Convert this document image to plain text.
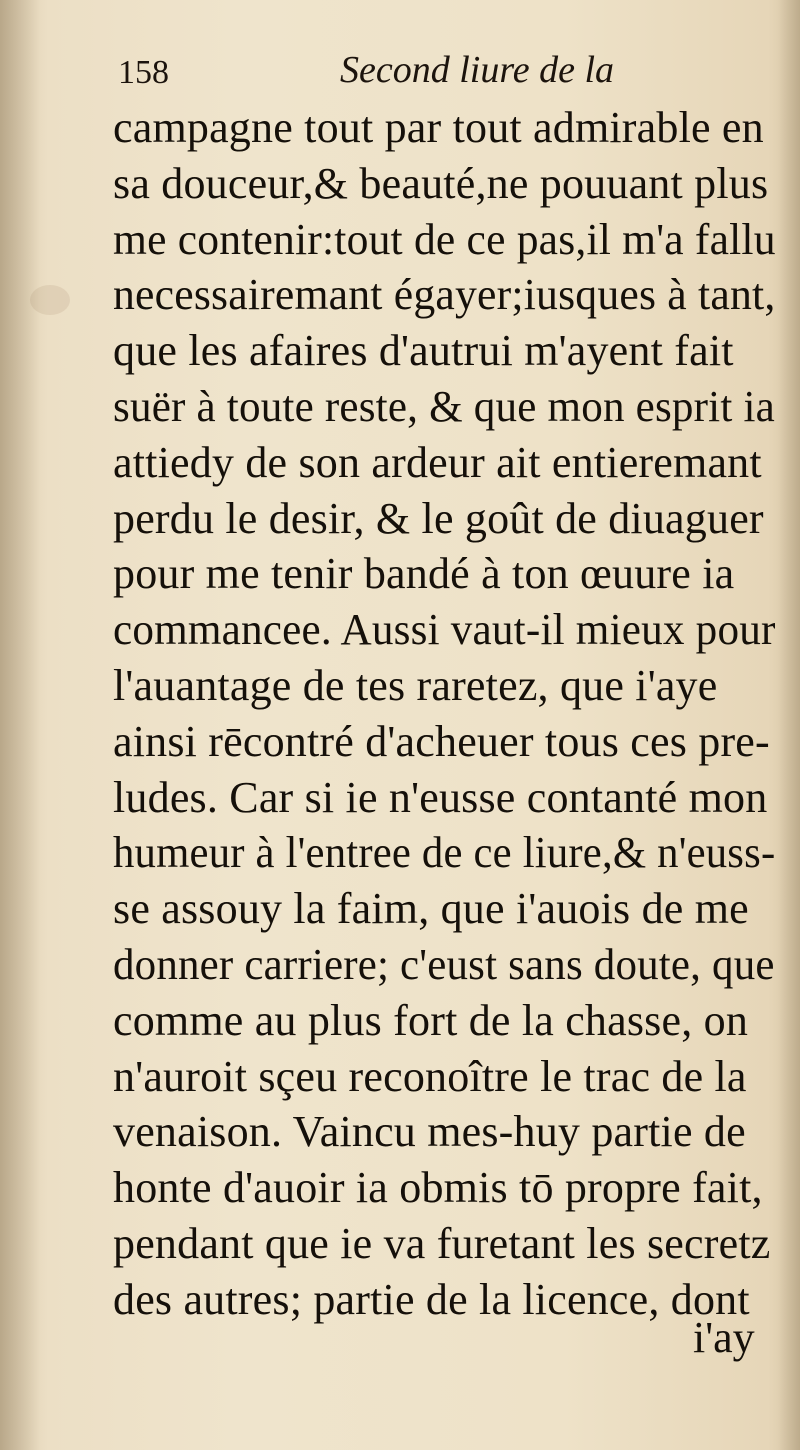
158	Second liure de la
campagne tout par tout admirable en
sa douceur,& beauté,ne pouuant plus
me contenir:tout de ce pas,il m'a fallu
necessairemant égayer;iusques à tant,
que les afaires d'autrui m'ayent fait
suër à toute reste, & que mon esprit ia
attiedy de son ardeur ait entieremant
perdu le desir, & le goût de diuaguer
pour me tenir bandé à ton œuure ia
commancee. Aussi vaut-il mieux pour
l'auantage de tes raretez, que i'aye
ainsi rēcontré d'acheuer tous ces pre-
ludes. Car si ie n'eusse contanté mon
humeur à l'entree de ce liure,& n'euss-
se assouy la faim, que i'auois de me
donner carriere; c'eust sans doute, que
comme au plus fort de la chasse, on
n'auroit sçeu reconoître le trac de la
venaison. Vaincu mes-huy partie de
honte d'auoir ia obmis tō propre fait,
pendant que ie va furetant les secretz
des autres; partie de la licence, dont
i'ay
